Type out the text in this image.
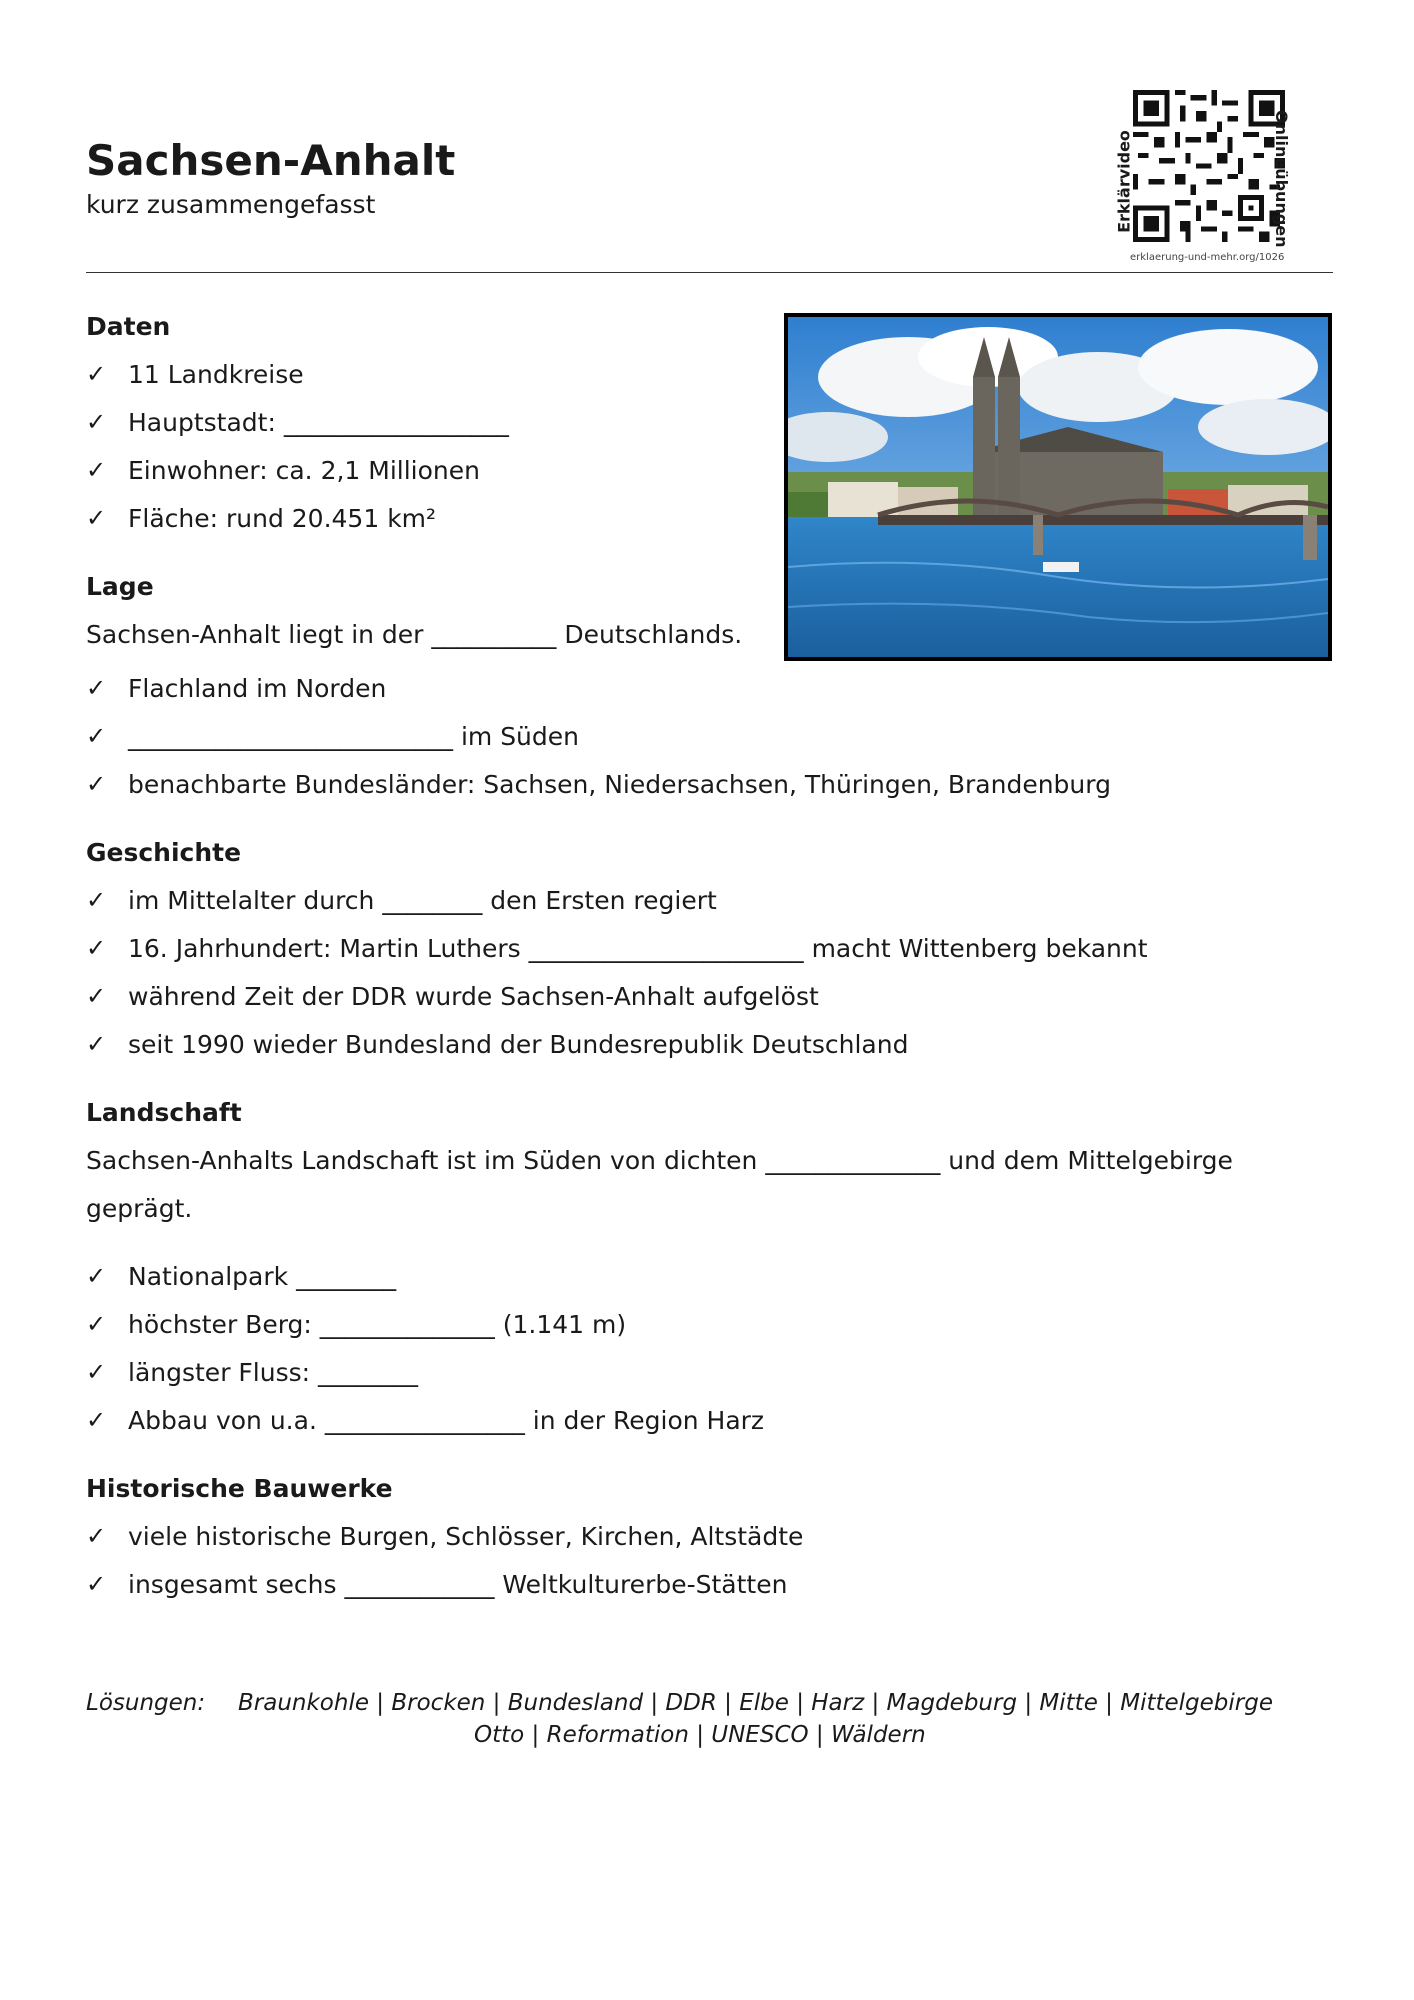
Sachsen-Anhalt
kurz zusammengefasst	Erklärvideo
erklaerung-und-mehr.org/1026
Onlineübungen
Daten
✓ 11 Landkreise
✓ Hauptstadt: __________________
✓ Einwohner: ca. 2,1 Millionen
✓ Fläche: rund 20.451 km²
Lage
Sachsen-Anhalt liegt in der __________ Deutschlands.
✓ Flachland im Norden
✓ __________________________ im Süden
✓ benachbarte Bundesländer: Sachsen, Niedersachsen, Thüringen, Brandenburg
Geschichte
✓ im Mittelalter durch ________ den Ersten regiert
✓ 16. Jahrhundert: Martin Luthers ______________________ macht Wittenberg bekannt
✓ während Zeit der DDR wurde Sachsen-Anhalt aufgelöst
✓ seit 1990 wieder Bundesland der Bundesrepublik Deutschland
Landschaft
Sachsen-Anhalts Landschaft ist im Süden von dichten ______________ und dem Mittelgebirge
geprägt.
✓ Nationalpark ________
✓ höchster Berg: ______________ (1.141 m)
✓ längster Fluss: ________
✓ Abbau von u.a. ________________ in der Region Harz
Historische Bauwerke
✓ viele historische Burgen, Schlösser, Kirchen, Altstädte
✓ insgesamt sechs ____________ Weltkulturerbe-Stätten
Lösungen: Braunkohle | Brocken | Bundesland | DDR | Elbe | Harz | Magdeburg | Mitte | Mittelgebirge
Otto | Reformation | UNESCO | Wäldern
